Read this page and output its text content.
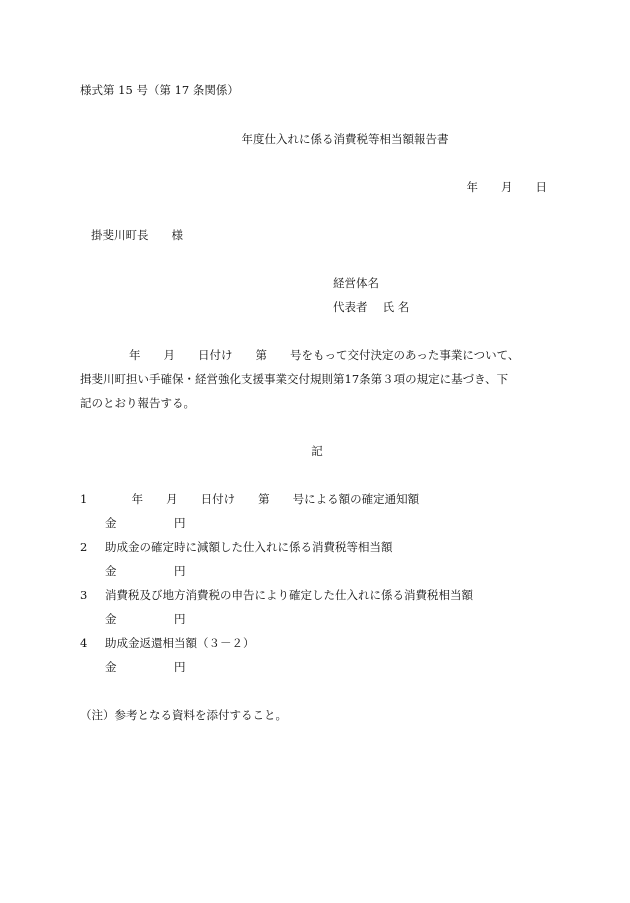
様式第 15 号（第 17 条関係）
年度仕入れに係る消費税等相当額報告書
年　　月　　日
掛斐川町長　　様
経営体名
代表者　 氏 名
年　　月　　日付け　　第　　号をもって交付決定のあった事業について、
揖斐川町担い手確保・経営強化支援事業交付規則第17条第３項の規定に基づき、下
記のとおり報告する。
記
1 　　 年　　月　　日付け　　第　　号による額の確定通知額
金　　　　　円
2 助成金の確定時に減額した仕入れに係る消費税等相当額
金　　　　　円
3 消費税及び地方消費税の申告により確定した仕入れに係る消費税相当額
金　　　　　円
4 助成金返還相当額（３－２）
金　　　　　円
（注）参考となる資料を添付すること。
